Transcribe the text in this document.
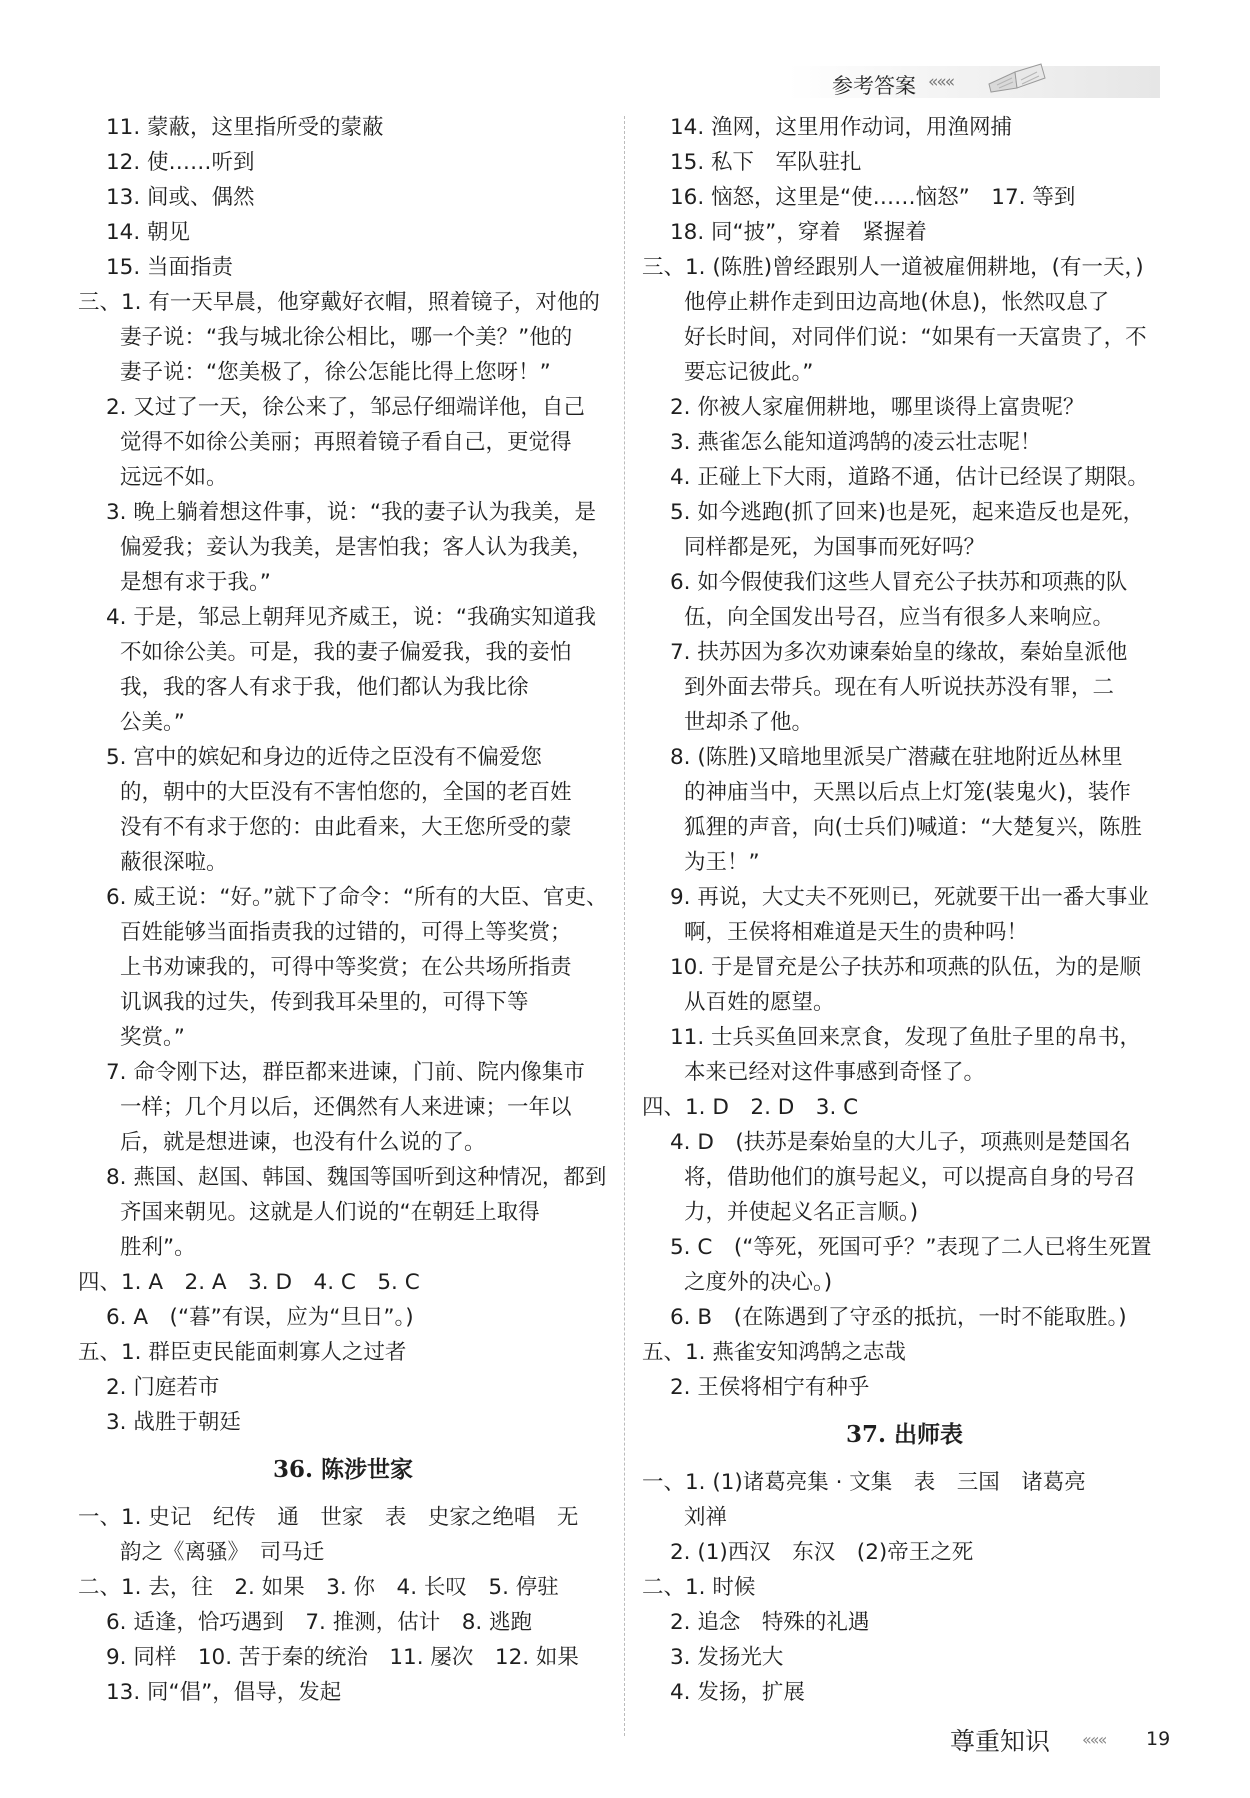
参考答案 «««
11. 蒙蔽，这里指所受的蒙蔽
12. 使……听到
13. 间或、偶然
14. 朝见
15. 当面指责
三、1. 有一天早晨，他穿戴好衣帽，照着镜子，对他的
妻子说：“我与城北徐公相比，哪一个美？”他的
妻子说：“您美极了，徐公怎能比得上您呀！”
2. 又过了一天，徐公来了，邹忌仔细端详他，自己
觉得不如徐公美丽；再照着镜子看自己，更觉得
远远不如。
3. 晚上躺着想这件事，说：“我的妻子认为我美，是
偏爱我；妾认为我美，是害怕我；客人认为我美，
是想有求于我。”
4. 于是，邹忌上朝拜见齐威王，说：“我确实知道我
不如徐公美。可是，我的妻子偏爱我，我的妾怕
我，我的客人有求于我，他们都认为我比徐
公美。”
5. 宫中的嫔妃和身边的近侍之臣没有不偏爱您
的，朝中的大臣没有不害怕您的，全国的老百姓
没有不有求于您的：由此看来，大王您所受的蒙
蔽很深啦。
6. 威王说：“好。”就下了命令：“所有的大臣、官吏、
百姓能够当面指责我的过错的，可得上等奖赏；
上书劝谏我的，可得中等奖赏；在公共场所指责
讥讽我的过失，传到我耳朵里的，可得下等
奖赏。”
7. 命令刚下达，群臣都来进谏，门前、院内像集市
一样；几个月以后，还偶然有人来进谏；一年以
后，就是想进谏，也没有什么说的了。
8. 燕国、赵国、韩国、魏国等国听到这种情况，都到
齐国来朝见。这就是人们说的“在朝廷上取得
胜利”。
四、1. A　2. A　3. D　4. C　5. C
6. A　(“暮”有误，应为“旦日”。)
五、1. 群臣吏民能面刺寡人之过者
2. 门庭若市
3. 战胜于朝廷
36. 陈涉世家
一、1. 史记　纪传　通　世家　表　史家之绝唱　无
韵之《离骚》　司马迁
二、1. 去，往　2. 如果　3. 你　4. 长叹　5. 停驻
6. 适逢，恰巧遇到　7. 推测，估计　8. 逃跑
9. 同样　10. 苦于秦的统治　11. 屡次　12. 如果
13. 同“倡”，倡导，发起
14. 渔网，这里用作动词，用渔网捕
15. 私下　军队驻扎
16. 恼怒，这里是“使……恼怒”　17. 等到
18. 同“披”，穿着　紧握着
三、1. (陈胜)曾经跟别人一道被雇佣耕地，(有一天，)
他停止耕作走到田边高地(休息)，怅然叹息了
好长时间，对同伴们说：“如果有一天富贵了，不
要忘记彼此。”
2. 你被人家雇佣耕地，哪里谈得上富贵呢？
3. 燕雀怎么能知道鸿鹄的凌云壮志呢！
4. 正碰上下大雨，道路不通，估计已经误了期限。
5. 如今逃跑(抓了回来)也是死，起来造反也是死，
同样都是死，为国事而死好吗？
6. 如今假使我们这些人冒充公子扶苏和项燕的队
伍，向全国发出号召，应当有很多人来响应。
7. 扶苏因为多次劝谏秦始皇的缘故，秦始皇派他
到外面去带兵。现在有人听说扶苏没有罪，二
世却杀了他。
8. (陈胜)又暗地里派吴广潜藏在驻地附近丛林里
的神庙当中，天黑以后点上灯笼(装鬼火)，装作
狐狸的声音，向(士兵们)喊道：“大楚复兴，陈胜
为王！”
9. 再说，大丈夫不死则已，死就要干出一番大事业
啊，王侯将相难道是天生的贵种吗！
10. 于是冒充是公子扶苏和项燕的队伍，为的是顺
从百姓的愿望。
11. 士兵买鱼回来烹食，发现了鱼肚子里的帛书，
本来已经对这件事感到奇怪了。
四、1. D　2. D　3. C
4. D　(扶苏是秦始皇的大儿子，项燕则是楚国名
将，借助他们的旗号起义，可以提高自身的号召
力，并使起义名正言顺。)
5. C　(“等死，死国可乎？”表现了二人已将生死置
之度外的决心。)
6. B　(在陈遇到了守丞的抵抗，一时不能取胜。)
五、1. 燕雀安知鸿鹄之志哉
2. 王侯将相宁有种乎
37. 出师表
一、1. (1)诸葛亮集 · 文集　表　三国　诸葛亮
刘禅
2. (1)西汉　东汉　(2)帝王之死
二、1. 时候
2. 追念　特殊的礼遇
3. 发扬光大
4. 发扬，扩展
尊重知识 ««« 19
